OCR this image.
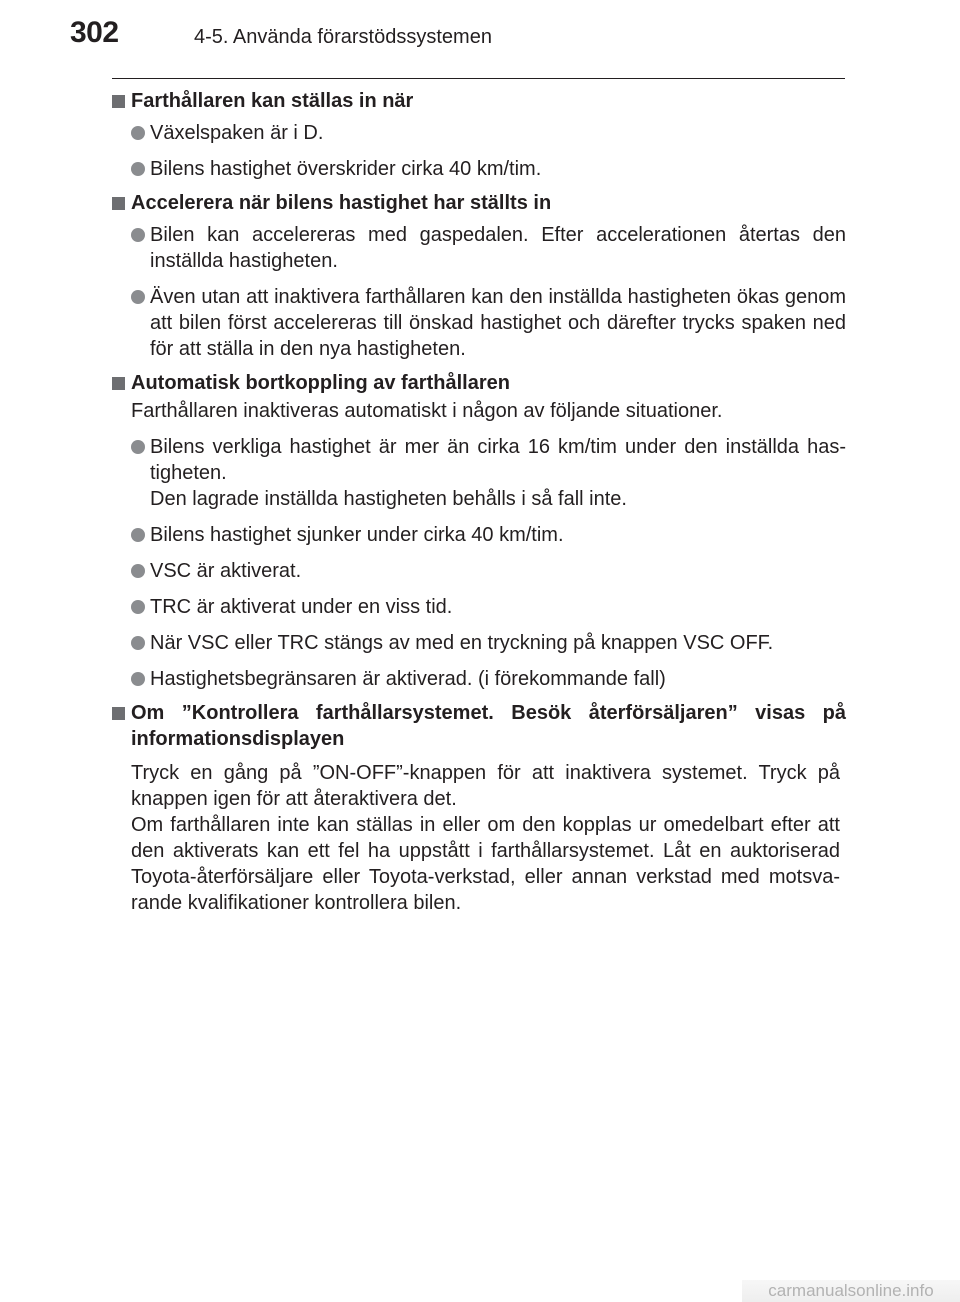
302	4-5. Använda förarstödssystemen
Farthållaren kan ställas in när
Växelspaken är i D.
Bilens hastighet överskrider cirka 40 km/tim.
Accelerera när bilens hastighet har ställts in
Bilen kan accelereras med gaspedalen. Efter accelerationen återtas den inställda hastigheten.
Även utan att inaktivera farthållaren kan den inställda hastigheten ökas genom att bilen först accelereras till önskad hastighet och därefter trycks spaken ned för att ställa in den nya hastigheten.
Automatisk bortkoppling av farthållaren
Farthållaren inaktiveras automatiskt i någon av följande situationer.
Bilens verkliga hastighet är mer än cirka 16 km/tim under den inställda has-tigheten.
Den lagrade inställda hastigheten behålls i så fall inte.
Bilens hastighet sjunker under cirka 40 km/tim.
VSC är aktiverat.
TRC är aktiverat under en viss tid.
När VSC eller TRC stängs av med en tryckning på knappen VSC OFF.
Hastighetsbegränsaren är aktiverad. (i förekommande fall)
Om ”Kontrollera farthållarsystemet. Besök återförsäljaren” visas på informationsdisplayen
Tryck en gång på ”ON-OFF”-knappen för att inaktivera systemet. Tryck på knappen igen för att återaktivera det.
Om farthållaren inte kan ställas in eller om den kopplas ur omedelbart efter att den aktiverats kan ett fel ha uppstått i farthållarsystemet. Låt en auktoriserad Toyota-återförsäljare eller Toyota-verkstad, eller annan verkstad med motsva-rande kvalifikationer kontrollera bilen.
carmanualsonline.info
